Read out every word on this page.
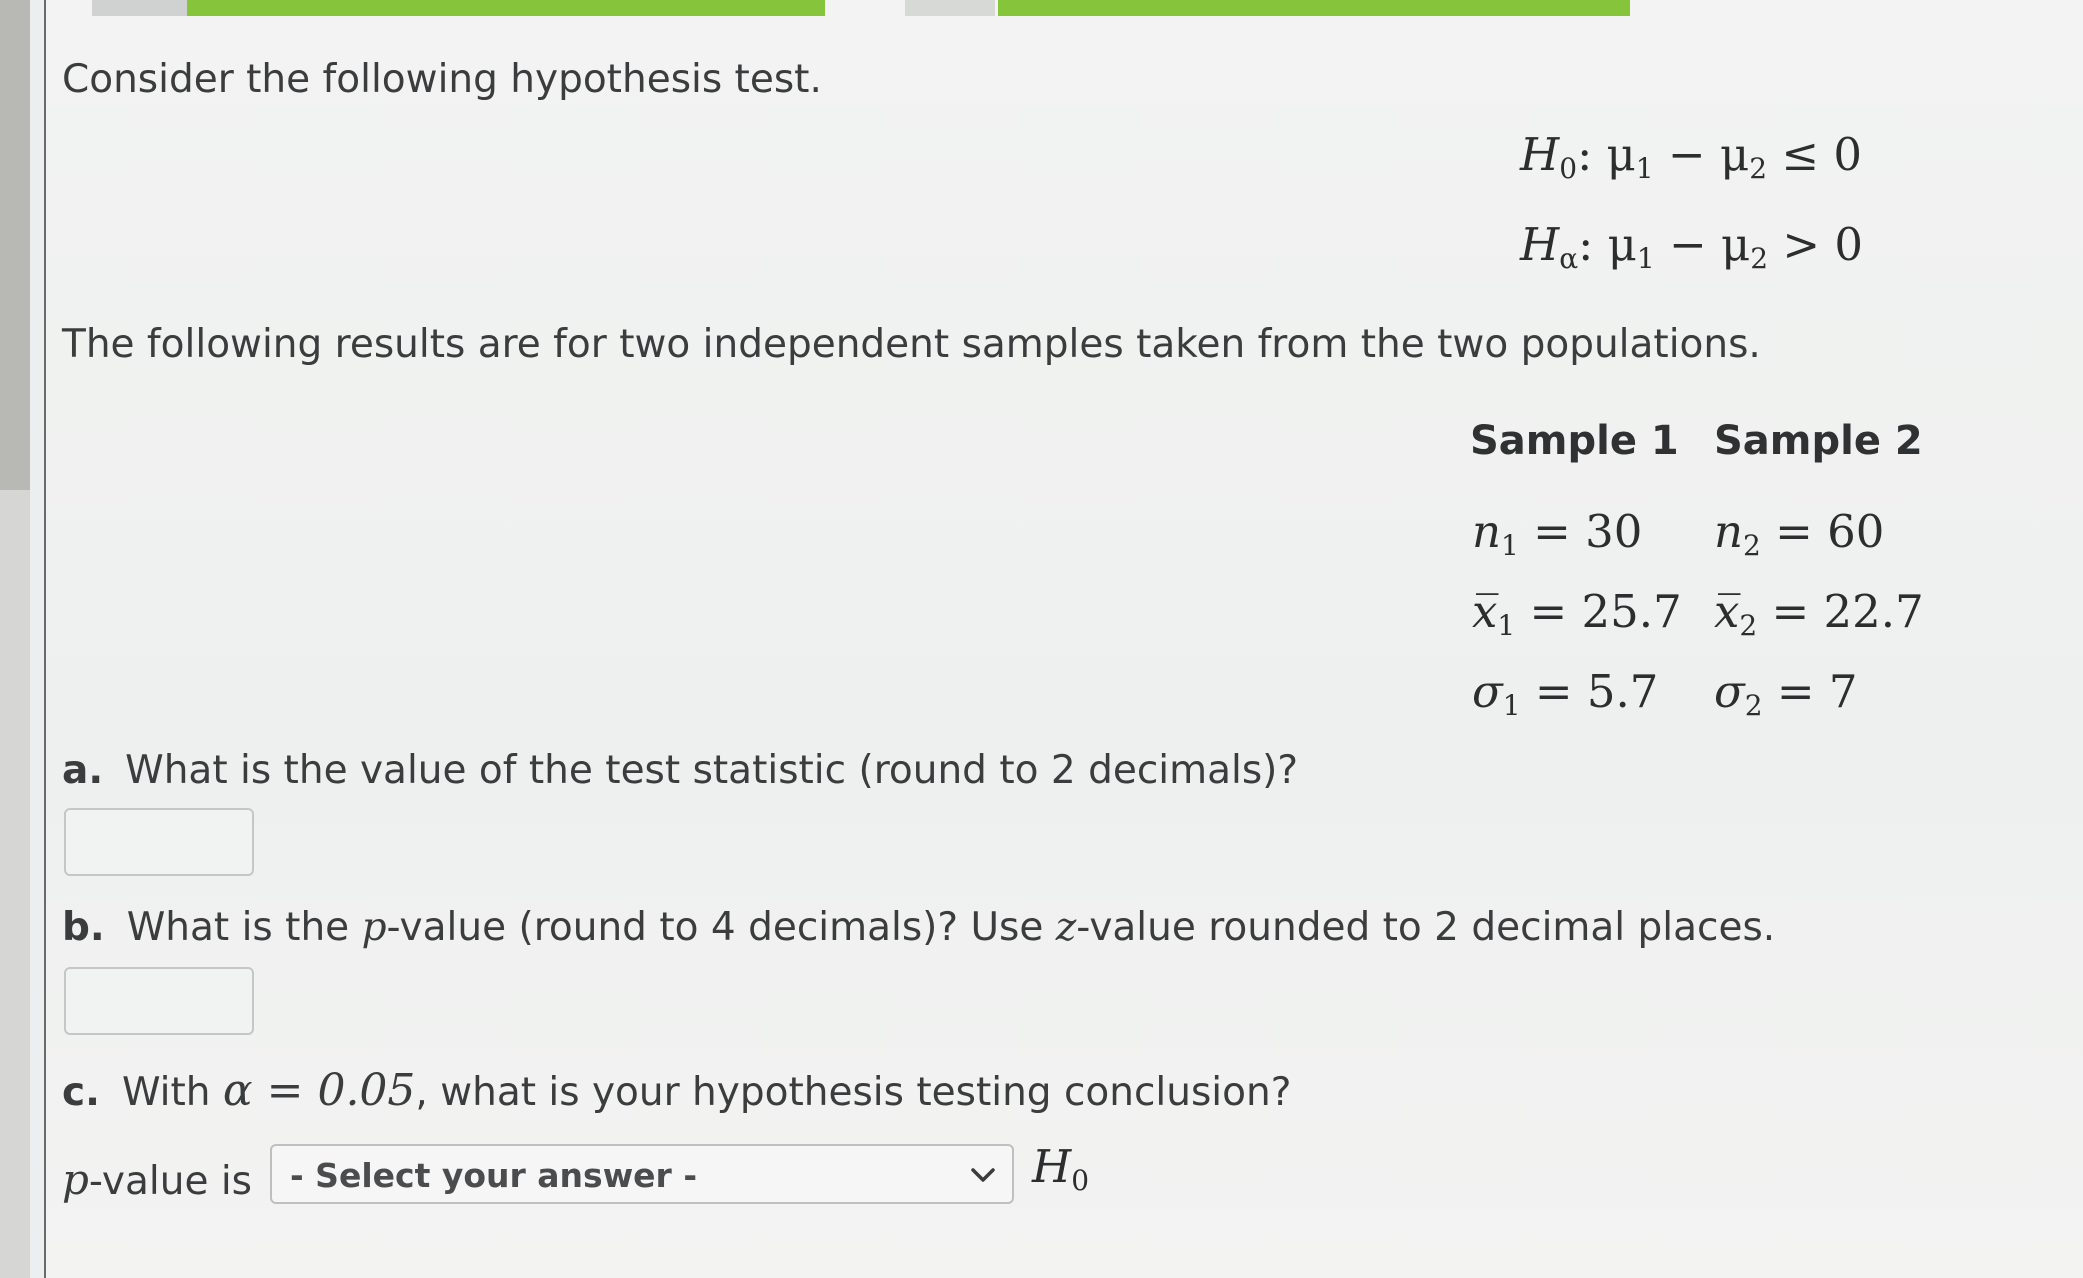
Consider the following hypothesis test.
$H_0$: $\mu_1 - \mu_2 \le 0$
$H_\alpha$: $\mu_1 - \mu_2 > 0$
The following results are for two independent samples taken from the two populations.
Sample 1 Sample 2
$n_1 = 30$ $n_2 = 60$
$x̅_1 = 25.7$ $x̅_2 = 22.7$
$\sigma_1 = 5.7$ $\sigma_2 = 7$
a. What is the value of the test statistic (round to 2 decimals)?
b. What is the p-value (round to 4 decimals)? Use z-value rounded to 2 decimal places.
c. With α = 0.05, what is your hypothesis testing conclusion?
p-value is - Select your answer -	$H_0$
